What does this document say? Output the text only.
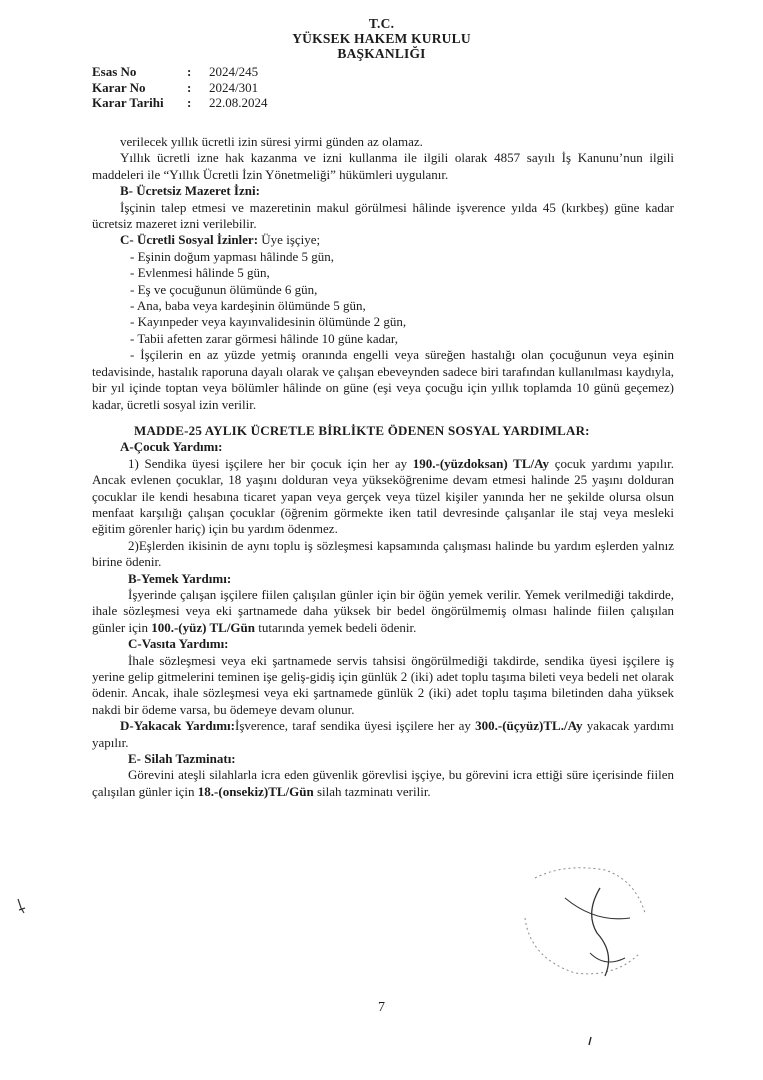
T.C.
YÜKSEK HAKEM KURULU
BAŞKANLIĞI
Esas No	:	2024/245
Karar No	:	2024/301
Karar Tarihi	:	22.08.2024

verilecek yıllık ücretli izin süresi yirmi günden az olamaz.

Yıllık ücretli izne hak kazanma ve izni kullanma ile ilgili olarak 4857 sayılı İş Kanunu’nun ilgili maddeleri ile “Yıllık Ücretli İzin Yönetmeliği” hükümleri uygulanır.

B- Ücretsiz Mazeret İzni:

İşçinin talep etmesi ve mazeretinin makul görülmesi hâlinde işverence yılda 45 (kırkbeş) güne kadar ücretsiz mazeret izni verilebilir.

C- Ücretli Sosyal İzinler: Üye işçiye;

- Eşinin doğum yapması hâlinde 5 gün,

- Evlenmesi hâlinde 5 gün,

- Eş ve çocuğunun ölümünde 6 gün,

- Ana, baba veya kardeşinin ölümünde 5 gün,

- Kayınpeder veya kayınvalidesinin ölümünde 2 gün,

- Tabii afetten zarar görmesi hâlinde 10 güne kadar,

- İşçilerin en az yüzde yetmiş oranında engelli veya süreğen hastalığı olan çocuğunun veya eşinin tedavisinde, hastalık raporuna dayalı olarak ve çalışan ebeveynden sadece biri tarafından kullanılması kaydıyla, bir yıl içinde toptan veya bölümler hâlinde on güne (eşi veya çocuğu için yıllık toplamda 10 günü geçemez) kadar, ücretli sosyal izin verilir.

MADDE-25 AYLIK ÜCRETLE BİRLİKTE ÖDENEN SOSYAL YARDIMLAR:

A-Çocuk Yardımı:

1) Sendika üyesi işçilere her bir çocuk için her ay 190.-(yüzdoksan) TL/Ay çocuk yardımı yapılır. Ancak evlenen çocuklar, 18 yaşını dolduran veya yükseköğrenime devam etmesi halinde 25 yaşını dolduran çocuklar ile kendi hesabına ticaret yapan veya gerçek veya tüzel kişiler yanında her ne şekilde olursa olsun menfaat karşılığı çalışan çocuklar (öğrenim görmekte iken tatil devresinde çalışanlar ile staj veya mesleki eğitim görenler hariç) için bu yardım ödenmez.

2)Eşlerden ikisinin de aynı toplu iş sözleşmesi kapsamında çalışması halinde bu yardım eşlerden yalnız birine ödenir.

B-Yemek Yardımı:

İşyerinde çalışan işçilere fiilen çalışılan günler için bir öğün yemek verilir. Yemek verilmediği takdirde, ihale sözleşmesi veya eki şartnamede daha yüksek bir bedel öngörülmemiş olması halinde fiilen çalışılan günler için 100.-(yüz) TL/Gün tutarında yemek bedeli ödenir.

C-Vasıta Yardımı:

İhale sözleşmesi veya eki şartnamede servis tahsisi öngörülmediği takdirde, sendika üyesi işçilere iş yerine gelip gitmelerini teminen işe geliş-gidiş için günlük 2 (iki) adet toplu taşıma bileti veya bedeli net olarak ödenir. Ancak, ihale sözleşmesi veya eki şartnamede günlük 2 (iki) adet toplu taşıma biletinden daha yüksek nakdi bir ödeme varsa, bu ödemeye devam olunur.

D-Yakacak Yardımı:İşverence, taraf sendika üyesi işçilere her ay 300.-(üçyüz)TL./Ay yakacak yardımı yapılır.

E- Silah Tazminatı:

Görevini ateşli silahlarla icra eden güvenlik görevlisi işçiye, bu görevini icra ettiği süre içerisinde fiilen çalışılan günler için 18.-(onsekiz)TL/Gün silah tazminatı verilir.

7
